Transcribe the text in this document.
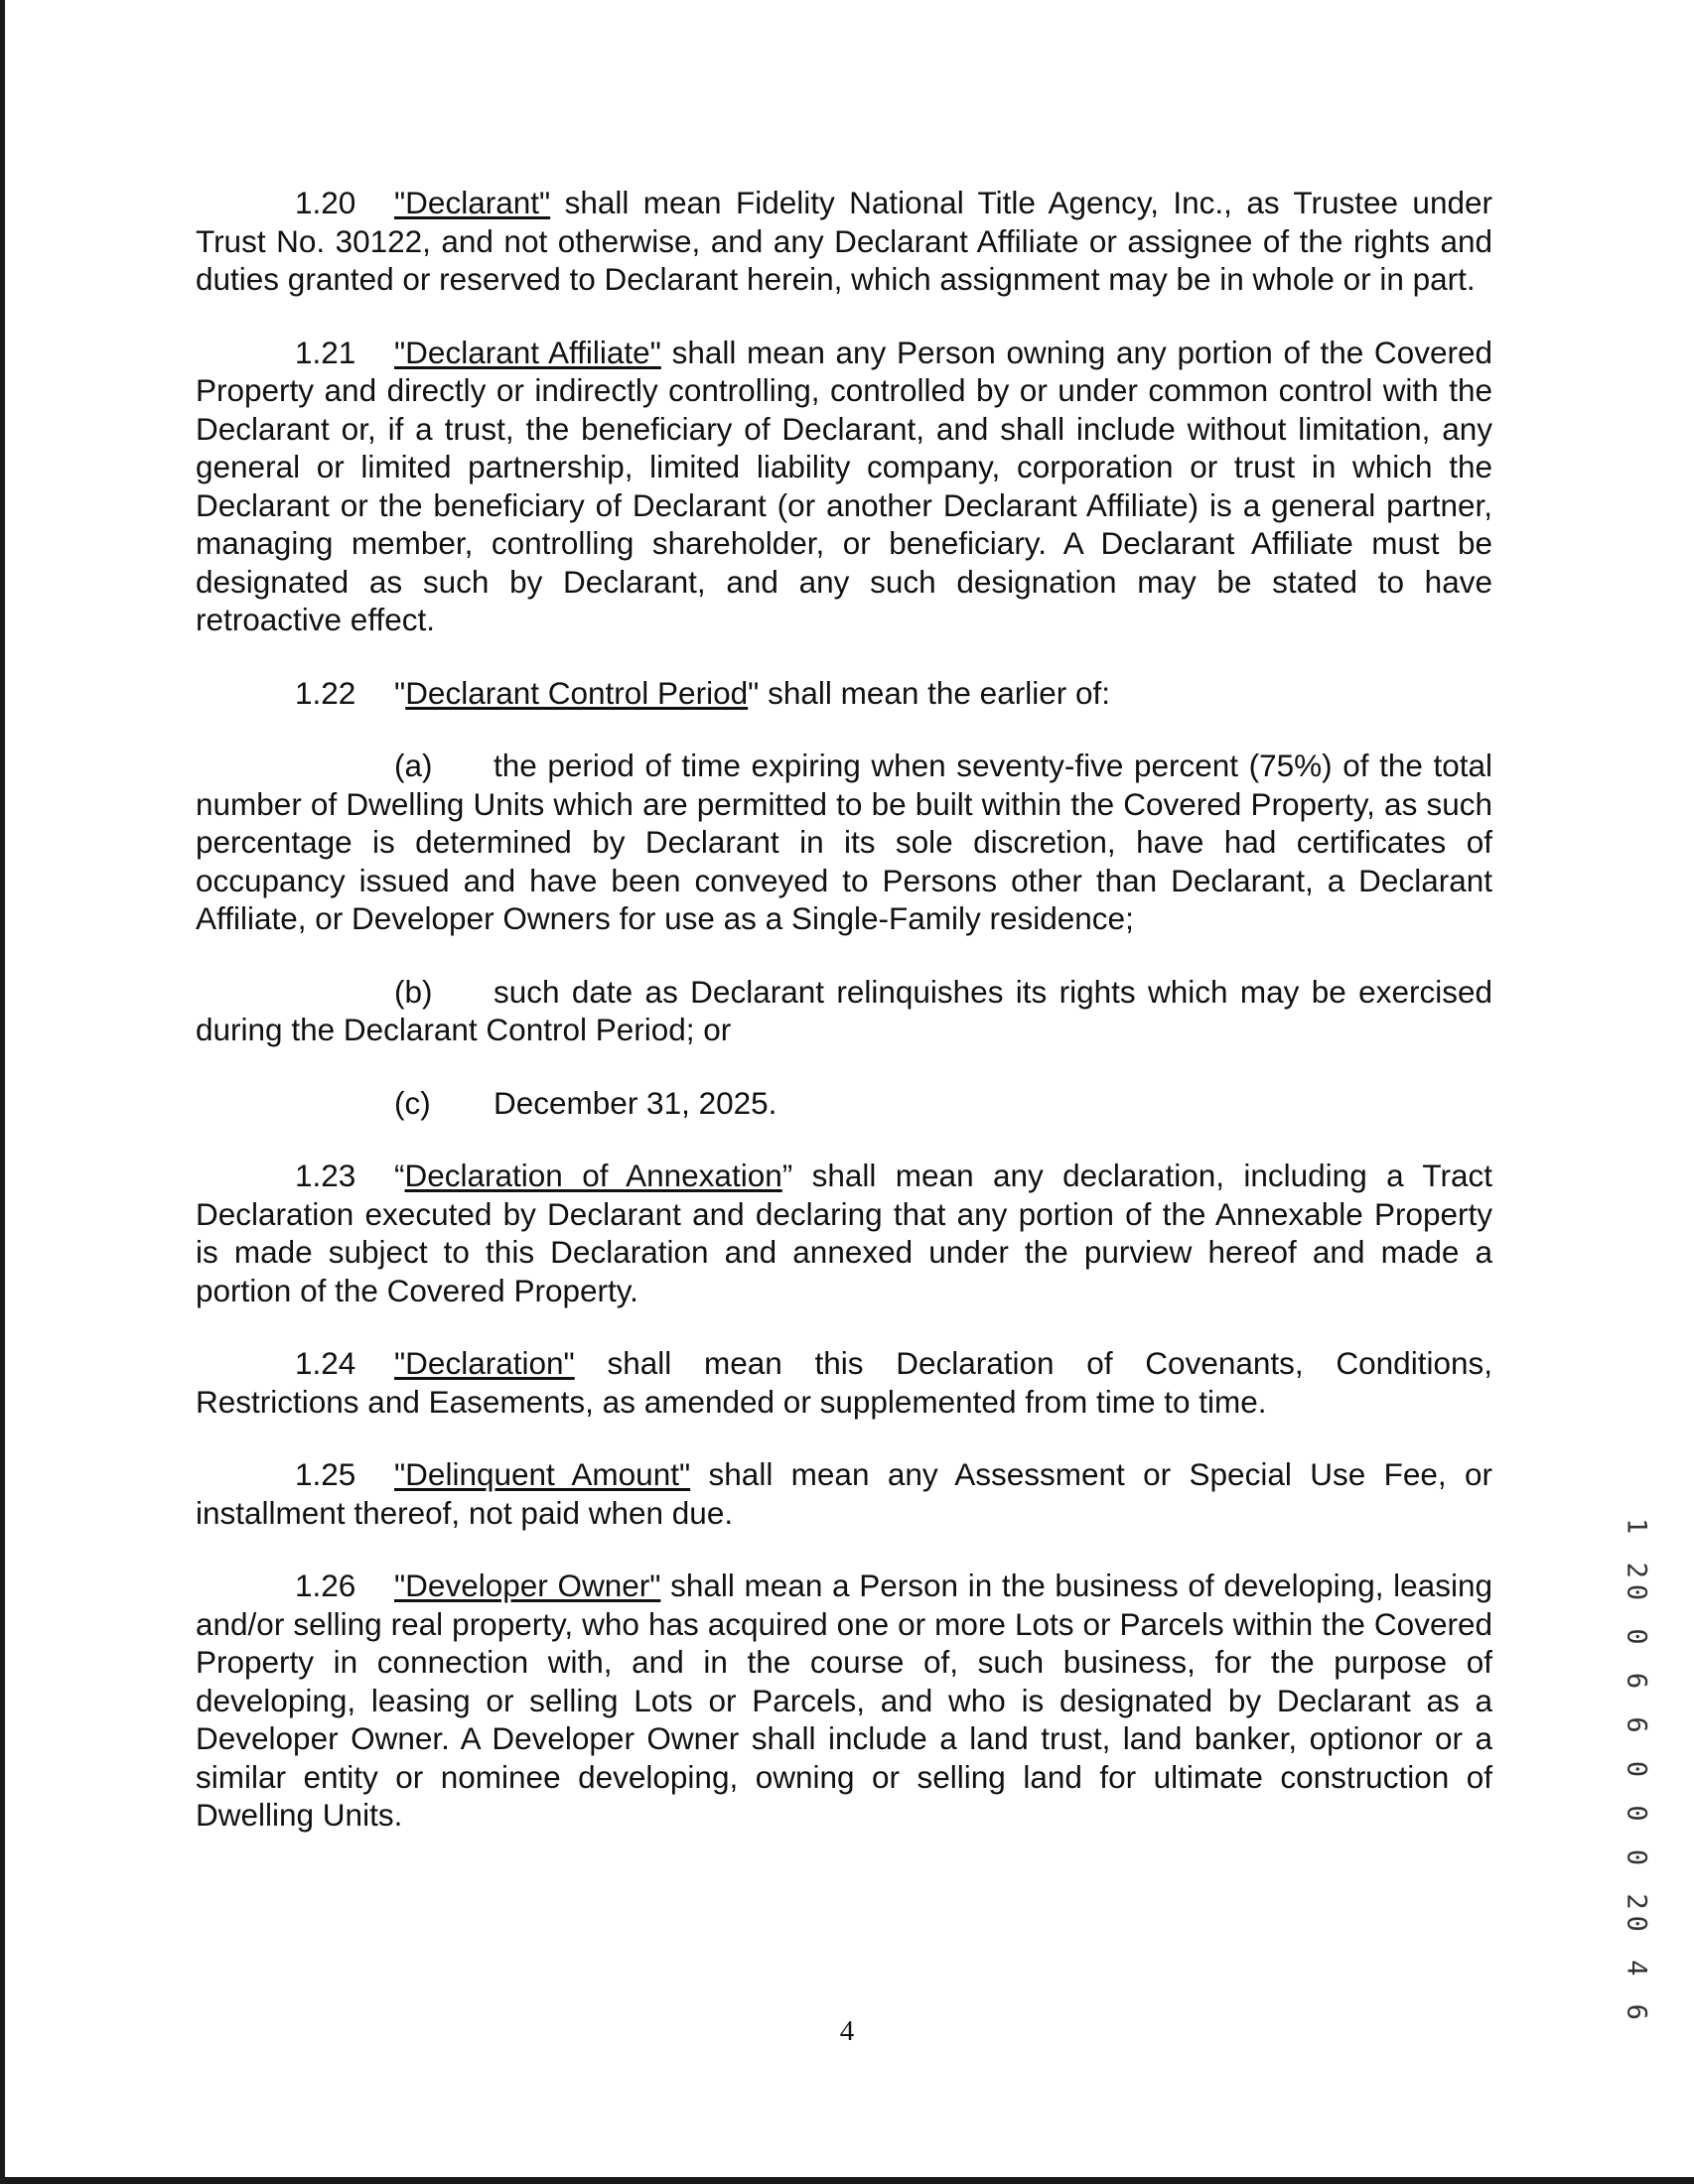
1.20 "Declarant" shall mean Fidelity National Title Agency, Inc., as Trustee under Trust No. 30122, and not otherwise, and any Declarant Affiliate or assignee of the rights and duties granted or reserved to Declarant herein, which assignment may be in whole or in part.

1.21 "Declarant Affiliate" shall mean any Person owning any portion of the Covered Property and directly or indirectly controlling, controlled by or under common control with the Declarant or, if a trust, the beneficiary of Declarant, and shall include without limitation, any general or limited partnership, limited liability company, corporation or trust in which the Declarant or the beneficiary of Declarant (or another Declarant Affiliate) is a general partner, managing member, controlling shareholder, or beneficiary. A Declarant Affiliate must be designated as such by Declarant, and any such designation may be stated to have retroactive effect.

1.22 "Declarant Control Period" shall mean the earlier of:

(a) the period of time expiring when seventy-five percent (75%) of the total number of Dwelling Units which are permitted to be built within the Covered Property, as such percentage is determined by Declarant in its sole discretion, have had certificates of occupancy issued and have been conveyed to Persons other than Declarant, a Declarant Affiliate, or Developer Owners for use as a Single-Family residence;

(b) such date as Declarant relinquishes its rights which may be exercised during the Declarant Control Period; or

(c) December 31, 2025.

1.23 “Declaration of Annexation” shall mean any declaration, including a Tract Declaration executed by Declarant and declaring that any portion of the Annexable Property is made subject to this Declaration and annexed under the purview hereof and made a portion of the Covered Property.

1.24 "Declaration" shall mean this Declaration of Covenants, Conditions, Restrictions and Easements, as amended or supplemented from time to time.

1.25 "Delinquent Amount" shall mean any Assessment or Special Use Fee, or installment thereof, not paid when due.

1.26 "Developer Owner" shall mean a Person in the business of developing, leasing and/or selling real property, who has acquired one or more Lots or Parcels within the Covered Property in connection with, and in the course of, such business, for the purpose of developing, leasing or selling Lots or Parcels, and who is designated by Declarant as a Developer Owner. A Developer Owner shall include a land trust, land banker, optionor or a similar entity or nominee developing, owning or selling land for ultimate construction of Dwelling Units.	1 20 0 6 6 0 0 0 20 4 6
4
